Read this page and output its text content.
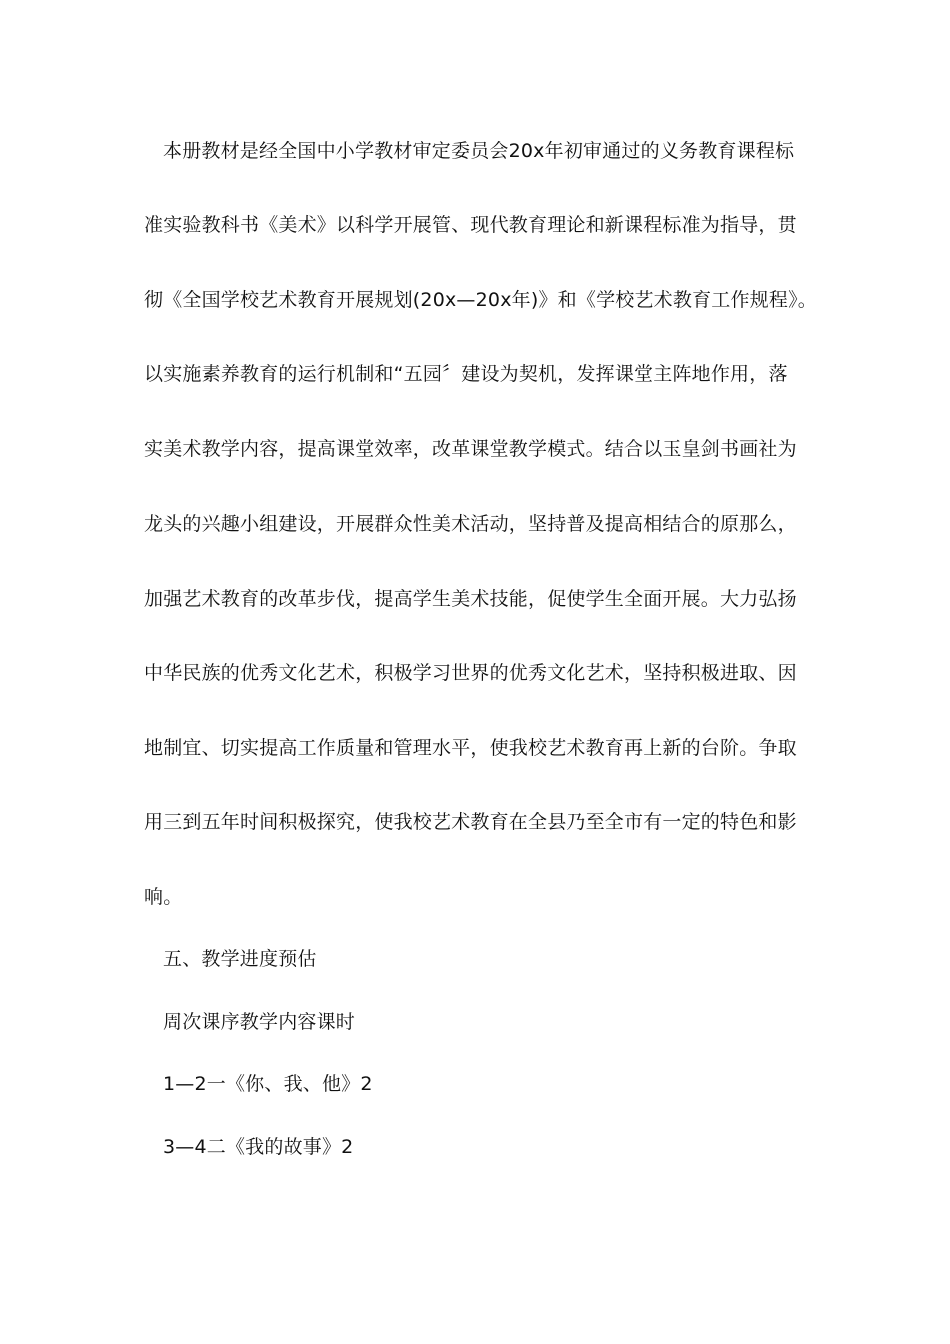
本册教材是经全国中小学教材审定委员会20x年初审通过的义务教育课程标
准实验教科书《美术》以科学开展管、现代教育理论和新课程标准为指导，贯
彻《全国学校艺术教育开展规划(20x—20x年)》和《学校艺术教育工作规程》。
以实施素养教育的运行机制和“五园〞建设为契机，发挥课堂主阵地作用，落
实美术教学内容，提高课堂效率，改革课堂教学模式。结合以玉皇剑书画社为
龙头的兴趣小组建设，开展群众性美术活动，坚持普及提高相结合的原那么，
加强艺术教育的改革步伐，提高学生美术技能，促使学生全面开展。大力弘扬
中华民族的优秀文化艺术，积极学习世界的优秀文化艺术，坚持积极进取、因
地制宜、切实提高工作质量和管理水平，使我校艺术教育再上新的台阶。争取
用三到五年时间积极探究，使我校艺术教育在全县乃至全市有一定的特色和影
响。
五、教学进度预估
周次课序教学内容课时
1—2一《你、我、他》2
3—4二《我的故事》2
